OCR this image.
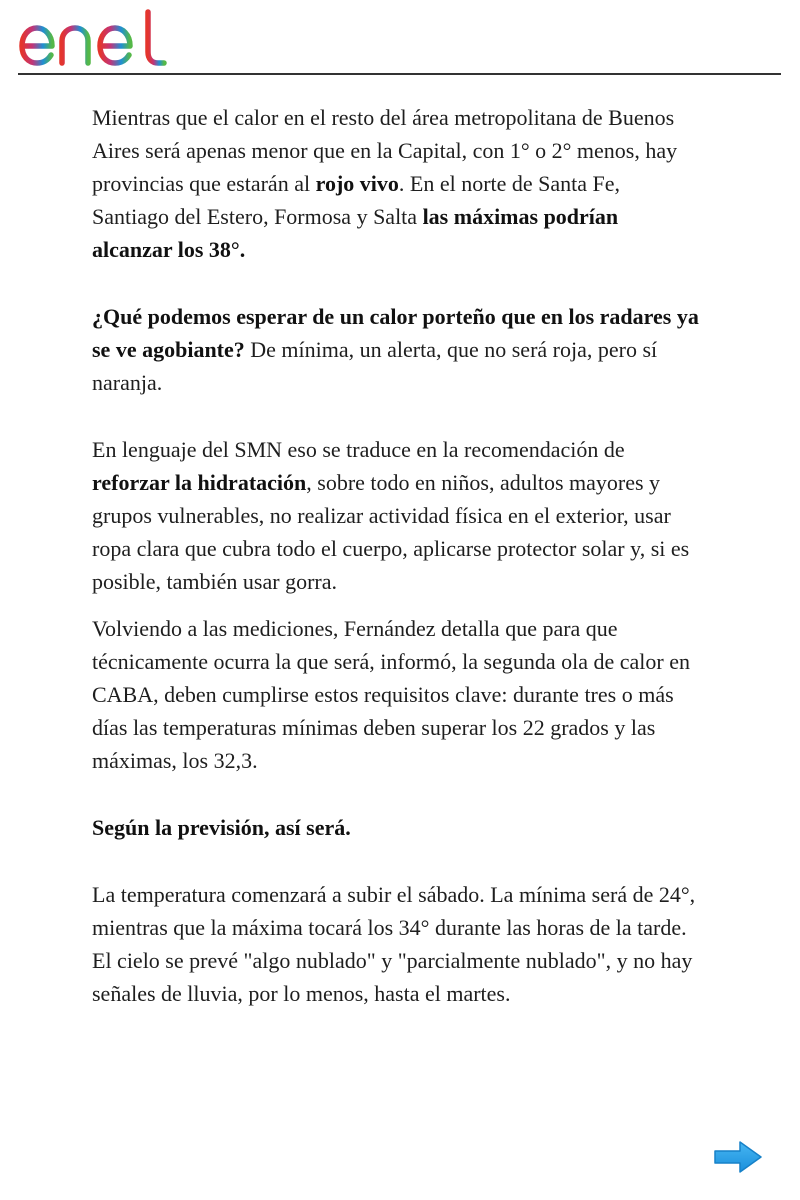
Mientras que el calor en el resto del área metropolitana de Buenos Aires será apenas menor que en la Capital, con 1° o 2° menos, hay provincias que estarán al rojo vivo. En el norte de Santa Fe, Santiago del Estero, Formosa y Salta las máximas podrían alcanzar los 38°.

¿Qué podemos esperar de un calor porteño que en los radares ya se ve agobiante? De mínima, un alerta, que no será roja, pero sí naranja.

En lenguaje del SMN eso se traduce en la recomendación de reforzar la hidratación, sobre todo en niños, adultos mayores y grupos vulnerables, no realizar actividad física en el exterior, usar ropa clara que cubra todo el cuerpo, aplicarse protector solar y, si es posible, también usar gorra.

Volviendo a las mediciones, Fernández detalla que para que técnicamente ocurra la que será, informó, la segunda ola de calor en CABA, deben cumplirse estos requisitos clave: durante tres o más días las temperaturas mínimas deben superar los 22 grados y las máximas, los 32,3.

Según la previsión, así será.

La temperatura comenzará a subir el sábado. La mínima será de 24°, mientras que la máxima tocará los 34° durante las horas de la tarde. El cielo se prevé "algo nublado" y "parcialmente nublado", y no hay señales de lluvia, por lo menos, hasta el martes.
